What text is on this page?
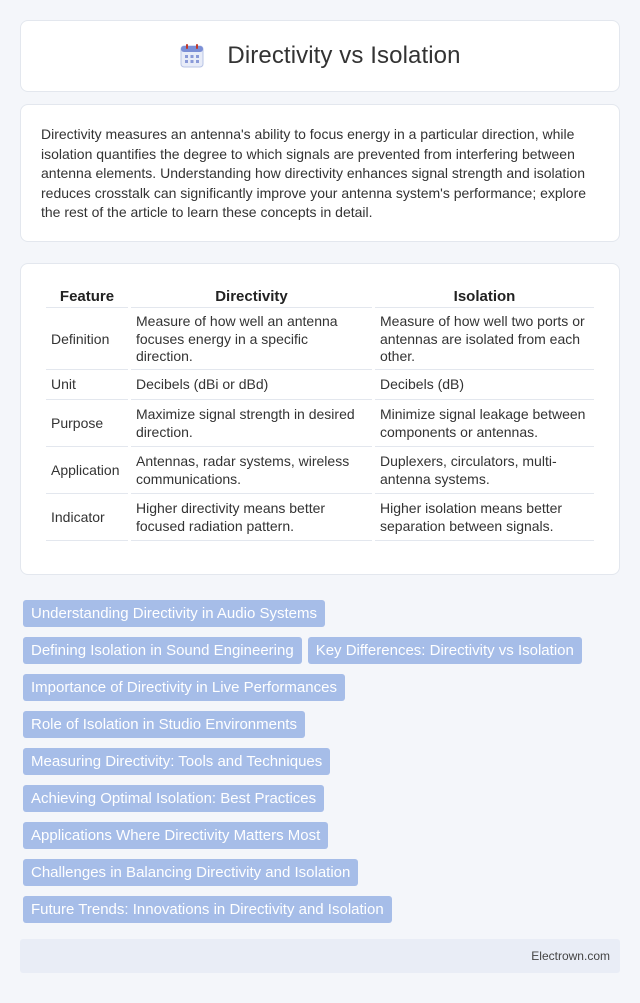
Directivity vs Isolation

Directivity measures an antenna's ability to focus energy in a particular direction, while isolation quantifies the degree to which signals are prevented from interfering between antenna elements. Understanding how directivity enhances signal strength and isolation reduces crosstalk can significantly improve your antenna system's performance; explore the rest of the article to learn these concepts in detail.

Feature	Directivity	Isolation
Definition	Measure of how well an antenna focuses energy in a specific direction.	Measure of how well two ports or antennas are isolated from each other.
Unit	Decibels (dBi or dBd)	Decibels (dB)
Purpose	Maximize signal strength in desired direction.	Minimize signal leakage between components or antennas.
Application	Antennas, radar systems, wireless communications.	Duplexers, circulators, multi-antenna systems.
Indicator	Higher directivity means better focused radiation pattern.	Higher isolation means better separation between signals.
Understanding Directivity in Audio Systems
Defining Isolation in Sound Engineering Key Differences: Directivity vs Isolation
Importance of Directivity in Live Performances
Role of Isolation in Studio Environments
Measuring Directivity: Tools and Techniques
Achieving Optimal Isolation: Best Practices
Applications Where Directivity Matters Most
Challenges in Balancing Directivity and Isolation
Future Trends: Innovations in Directivity and Isolation
Electrown.com
